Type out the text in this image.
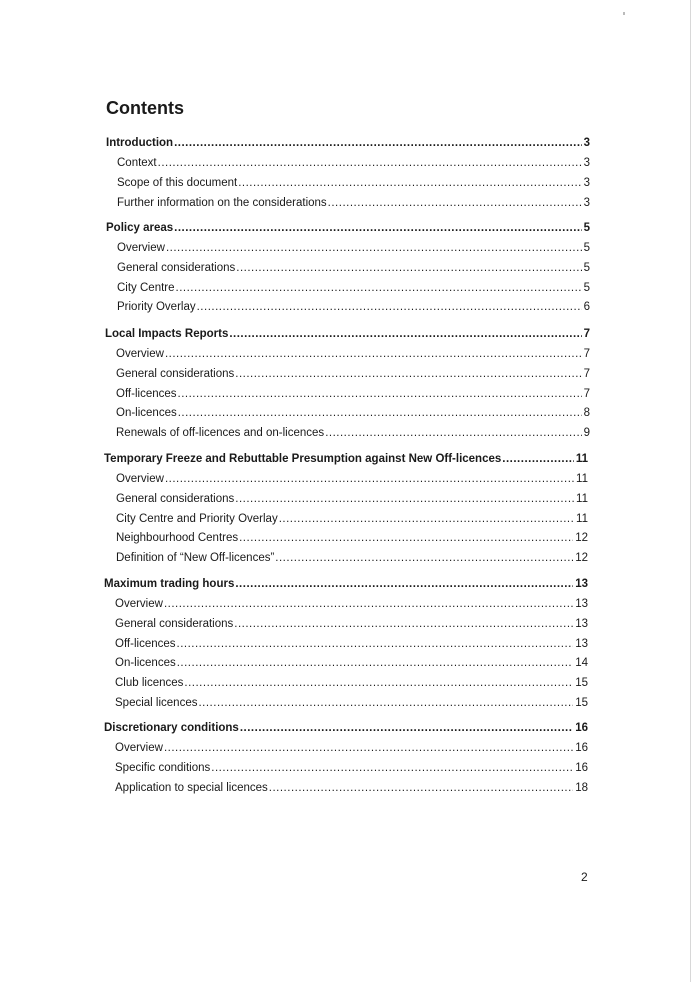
Contents
Introduction .....	3
Context .....	3
Scope of this document .....	3
Further information on the considerations .....	3
Policy areas .....	5
Overview .....	5
General considerations .....	5
City Centre .....	5
Priority Overlay .....	6
Local Impacts Reports .....	7
Overview .....	7
General considerations .....	7
Off-licences .....	7
On-licences .....	8
Renewals of off-licences and on-licences .....	9
Temporary Freeze and Rebuttable Presumption against New Off-licences .....	11
Overview .....	11
General considerations .....	11
City Centre and Priority Overlay .....	11
Neighbourhood Centres .....	12
Definition of “New Off-licences” .....	12
Maximum trading hours .....	13
Overview .....	13
General considerations .....	13
Off-licences .....	13
On-licences .....	14
Club licences .....	15
Special licences .....	15
Discretionary conditions .....	16
Overview .....	16
Specific conditions .....	16
Application to special licences .....	18
2
